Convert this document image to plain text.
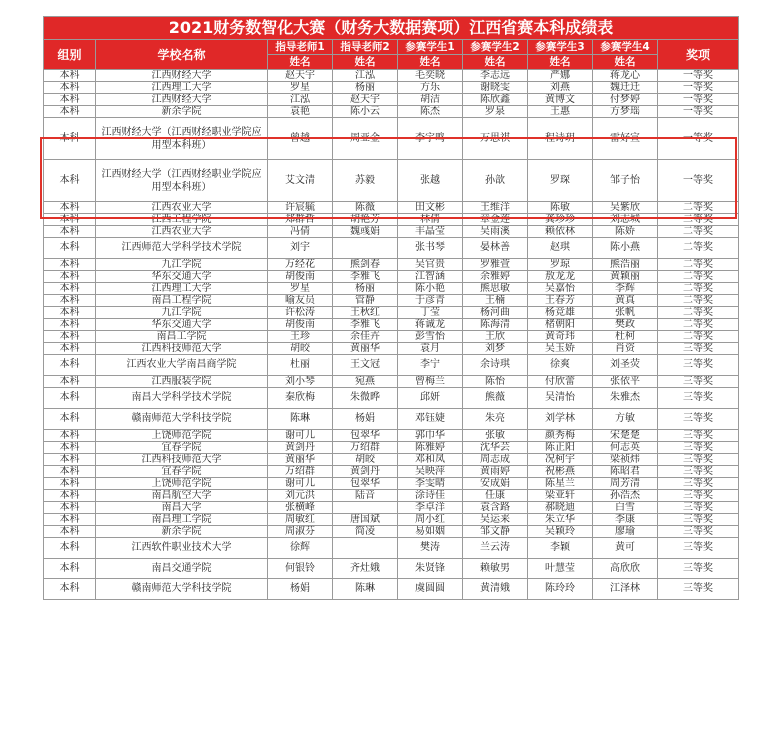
2021财务数智化大赛（财务大数据赛项）江西省赛本科成绩表								
组别	学校名称	指导老师1	指导老师2	参赛学生1	参赛学生2	参赛学生3	参赛学生4	奖项
		姓名	姓名	姓名	姓名	姓名	姓名	
本科	江西财经大学	赵天宇	江泓	毛奕晓	李志远	严娜	蒋龙心	一等奖
本科	江西理工大学	罗星	杨丽	方乐	谢晓雯	刘燕	魏迁迁	一等奖
本科	江西财经大学	江泓	赵天宇	胡洁	陈欣鑫	黄博文	付梦婷	一等奖
本科	新余学院	袁艳	陈小云	陈杰	罗泉	王惠	方梦瑶	一等奖
本科	江西财经大学（江西财经职业学院应用型本科班）	曾越	周亚金	李宇鸣	万思祺	程诗玥	雷好宣	一等奖
本科	江西财经大学（江西财经职业学院应用型本科班）	艾文清	苏毅	张越	孙歆	罗琛	邹子怡	一等奖
本科	江西农业大学	许宸毓	陈薇	田文彬	王维洋	陈敏	吴紫欣	二等奖
本科	江西工程学院	郑群哲	胡艳芳	林倩	章金莲	龚珍珍	刘志城	二等奖
本科	江西农业大学	冯倩	魏彧娟	丰晶莹	吴雨溪	赖依林	陈娇	二等奖
本科	江西师范大学科学技术学院	刘宇		张书琴	晏林善	赵琪	陈小燕	二等奖
本科	九江学院	万经花	熊剑春	吴官贵	罗雅萱	罗琼	熊浩丽	二等奖
本科	华东交通大学	胡俊南	李雅飞	江智涵	余雅婷	敖龙龙	黄颖丽	二等奖
本科	江西理工大学	罗星	杨丽	陈小艳	熊思敏	吴嘉怡	李辉	二等奖
本科	南昌工程学院	喻友员	管静	于彦青	王楠	王春芳	黄真	二等奖
本科	九江学院	许松涛	王秋红	丁莹	杨河曲	杨竞雄	张帆	二等奖
本科	华东交通大学	胡俊南	李雅飞	蒋诚龙	陈海清	楮朝阳	樊政	二等奖
本科	南昌工学院	王珍	余佳卉	彭雪怡	王欣	黄奇玮	杜柯	二等奖
本科	江西科技师范大学	胡皎	黄丽华	袁月	刘梦	吴玉娇	肖资	三等奖
本科	江西农业大学南昌商学院	杜丽	王文冠	李宁	余诗琪	徐爽	刘圣荧	三等奖
本科	江西服装学院	刘小琴	宛燕	曾梅兰	陈怡	付欣蕾	张依平	三等奖
本科	南昌大学科学技术学院	秦欣梅	朱微晔	邱妍	熊薇	吴清怡	朱雅杰	三等奖
本科	赣南师范大学科技学院	陈琳	杨娟	邓钰婕	朱亮	刘学林	方敏	三等奖
本科	上饶师范学院	谢可儿	包翠华	郭巾华	张敏	颜秀梅	宋楚楚	三等奖
本科	宜春学院	黄剑丹	万绍群	陈雅婷	沈华芸	陈正阳	何志英	三等奖
本科	江西科技师范大学	黄丽华	胡皎	邓和凤	周志成	况柯宇	梁祯炜	三等奖
本科	宜春学院	万绍群	黄剑丹	吴映萍	黄雨婷	祝彬燕	陈昭君	三等奖
本科	上饶师范学院	谢可儿	包翠华	李雯晴	安成娟	陈星兰	周芳清	三等奖
本科	南昌航空大学	刘元洪	陆音	涂诗佳	任康	梁亚轩	孙浩杰	三等奖
本科	南昌大学	张横峰		李卓洋	袁含路	郝晓迪	白雪	三等奖
本科	南昌理工学院	周敏红	唐国斌	周小红	吴运来	朱立华	李康	三等奖
本科	新余学院	周淑芬	简凌	易如姻	邹文静	吴颖玲	廖瑜	三等奖
本科	江西软件职业技术大学	徐辉		樊涛	兰云涛	李颖	黄可	三等奖
本科	南昌交通学院	何银铃	齐灶娥	朱贤锋	赖敏男	叶慧莹	高欣欣	三等奖
本科	赣南师范大学科技学院	杨娟	陈琳	虞圆圆	黄清娥	陈玲玲	江泽林	三等奖
